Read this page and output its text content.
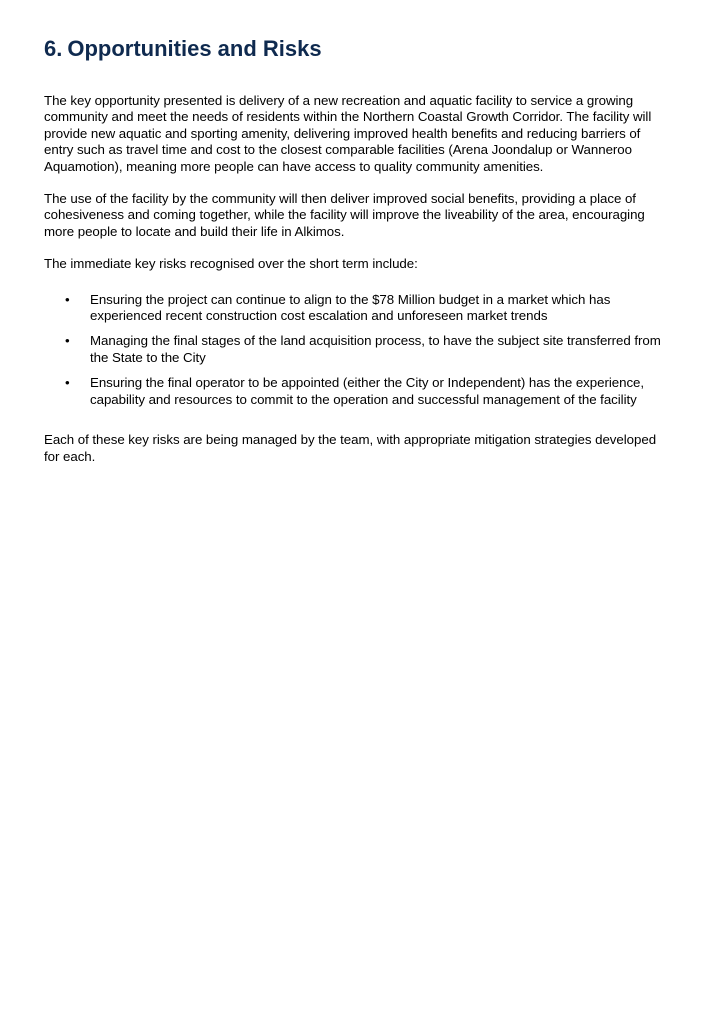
6. Opportunities and Risks

The key opportunity presented is delivery of a new recreation and aquatic facility to service a growing community and meet the needs of residents within the Northern Coastal Growth Corridor. The facility will provide new aquatic and sporting amenity, delivering improved health benefits and reducing barriers of entry such as travel time and cost to the closest comparable facilities (Arena Joondalup or Wanneroo Aquamotion), meaning more people can have access to quality community amenities.

The use of the facility by the community will then deliver improved social benefits, providing a place of cohesiveness and coming together, while the facility will improve the liveability of the area, encouraging more people to locate and build their life in Alkimos.

The immediate key risks recognised over the short term include:

• Ensuring the project can continue to align to the $78 Million budget in a market which has experienced recent construction cost escalation and unforeseen market trends
• Managing the final stages of the land acquisition process, to have the subject site transferred from the State to the City
• Ensuring the final operator to be appointed (either the City or Independent) has the experience, capability and resources to commit to the operation and successful management of the facility

Each of these key risks are being managed by the team, with appropriate mitigation strategies developed for each.
